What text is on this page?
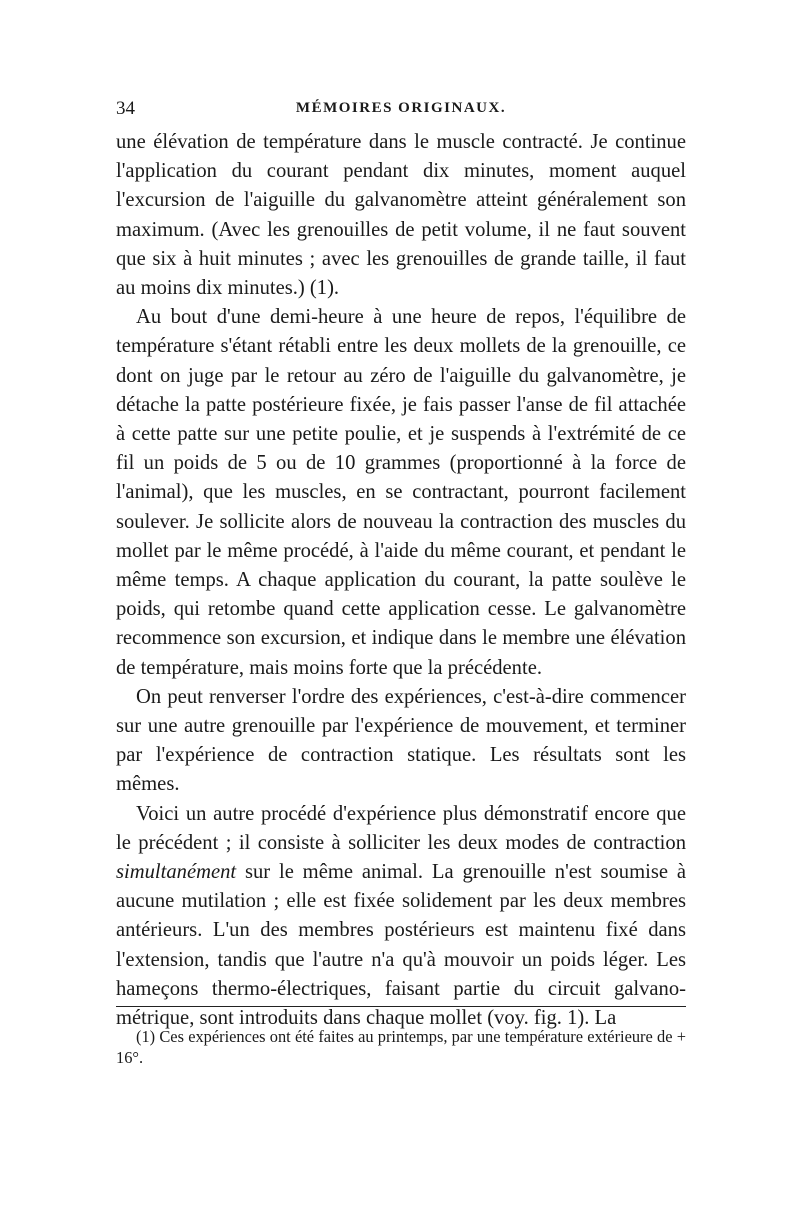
34	MÉMOIRES ORIGINAUX.

une élévation de température dans le muscle contracté. Je continue l'application du courant pendant dix minutes, moment auquel l'excursion de l'aiguille du galvanomètre atteint généralement son maximum. (Avec les grenouilles de petit volume, il ne faut souvent que six à huit minutes ; avec les grenouilles de grande taille, il faut au moins dix minutes.) (1).

Au bout d'une demi-heure à une heure de repos, l'équilibre de température s'étant rétabli entre les deux mollets de la grenouille, ce dont on juge par le retour au zéro de l'aiguille du galvanomètre, je détache la patte postérieure fixée, je fais passer l'anse de fil attachée à cette patte sur une petite poulie, et je suspends à l'extrémité de ce fil un poids de 5 ou de 10 grammes (proportionné à la force de l'animal), que les muscles, en se contractant, pourront facilement soulever. Je sollicite alors de nouveau la contraction des muscles du mollet par le même procédé, à l'aide du même courant, et pendant le même temps. A chaque application du courant, la patte soulève le poids, qui retombe quand cette application cesse. Le galvanomètre recommence son excursion, et indique dans le membre une élévation de température, mais moins forte que la précédente.

On peut renverser l'ordre des expériences, c'est-à-dire commencer sur une autre grenouille par l'expérience de mouvement, et terminer par l'expérience de contraction statique. Les résultats sont les mêmes.

Voici un autre procédé d'expérience plus démonstratif encore que le précédent ; il consiste à solliciter les deux modes de contraction simultanément sur le même animal. La grenouille n'est soumise à aucune mutilation ; elle est fixée solidement par les deux membres antérieurs. L'un des membres postérieurs est maintenu fixé dans l'extension, tandis que l'autre n'a qu'à mouvoir un poids léger. Les hameçons thermo-électriques, faisant partie du circuit galvano-métrique, sont introduits dans chaque mollet (voy. fig. 1). La

(1) Ces expériences ont été faites au printemps, par une température extérieure de + 16°.
